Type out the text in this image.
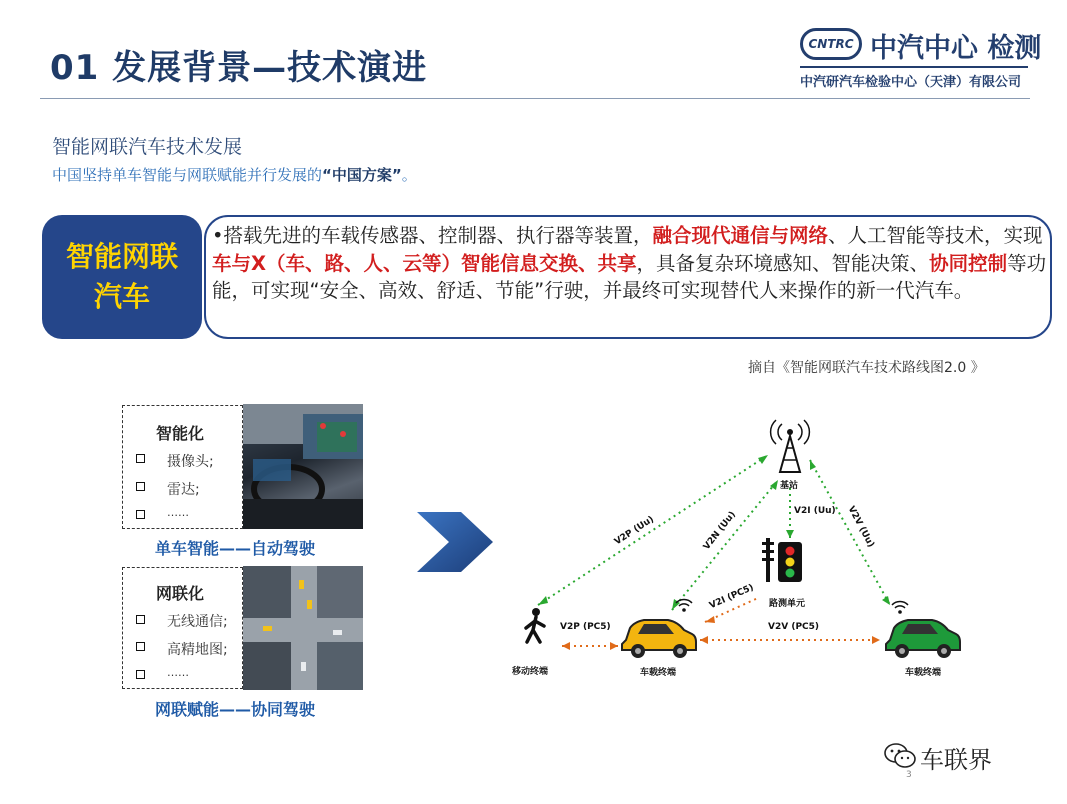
01 发展背景—技术演进
CNTRC 中汽中心 检测
中汽研汽车检验中心（天津）有限公司
智能网联汽车技术发展
中国坚持单车智能与网联赋能并行发展的“中国方案”。
智能网联
汽车
•搭载先进的车载传感器、控制器、执行器等装置，融合现代通信与网络、人工智能等技术，实现车与X（车、路、人、云等）智能信息交换、共享，具备复杂环境感知、智能决策、协同控制等功能，可实现“安全、高效、舒适、节能”行驶，并最终可实现替代人来操作的新一代汽车。
摘自《智能网联汽车技术路线图2.0 》
智能化
摄像头;
雷达;
……
单车智能——自动驾驶
网联化
无线通信;
高精地图;
……
网联赋能——协同驾驶
基站
路测单元
移动终端	车载终端	车载终端
V2P (Uu)	V2N (Uu)	V2I (Uu) V2V (Uu)
V2I (PC5)
V2P (PC5)	V2V (PC5)
车联界
3
